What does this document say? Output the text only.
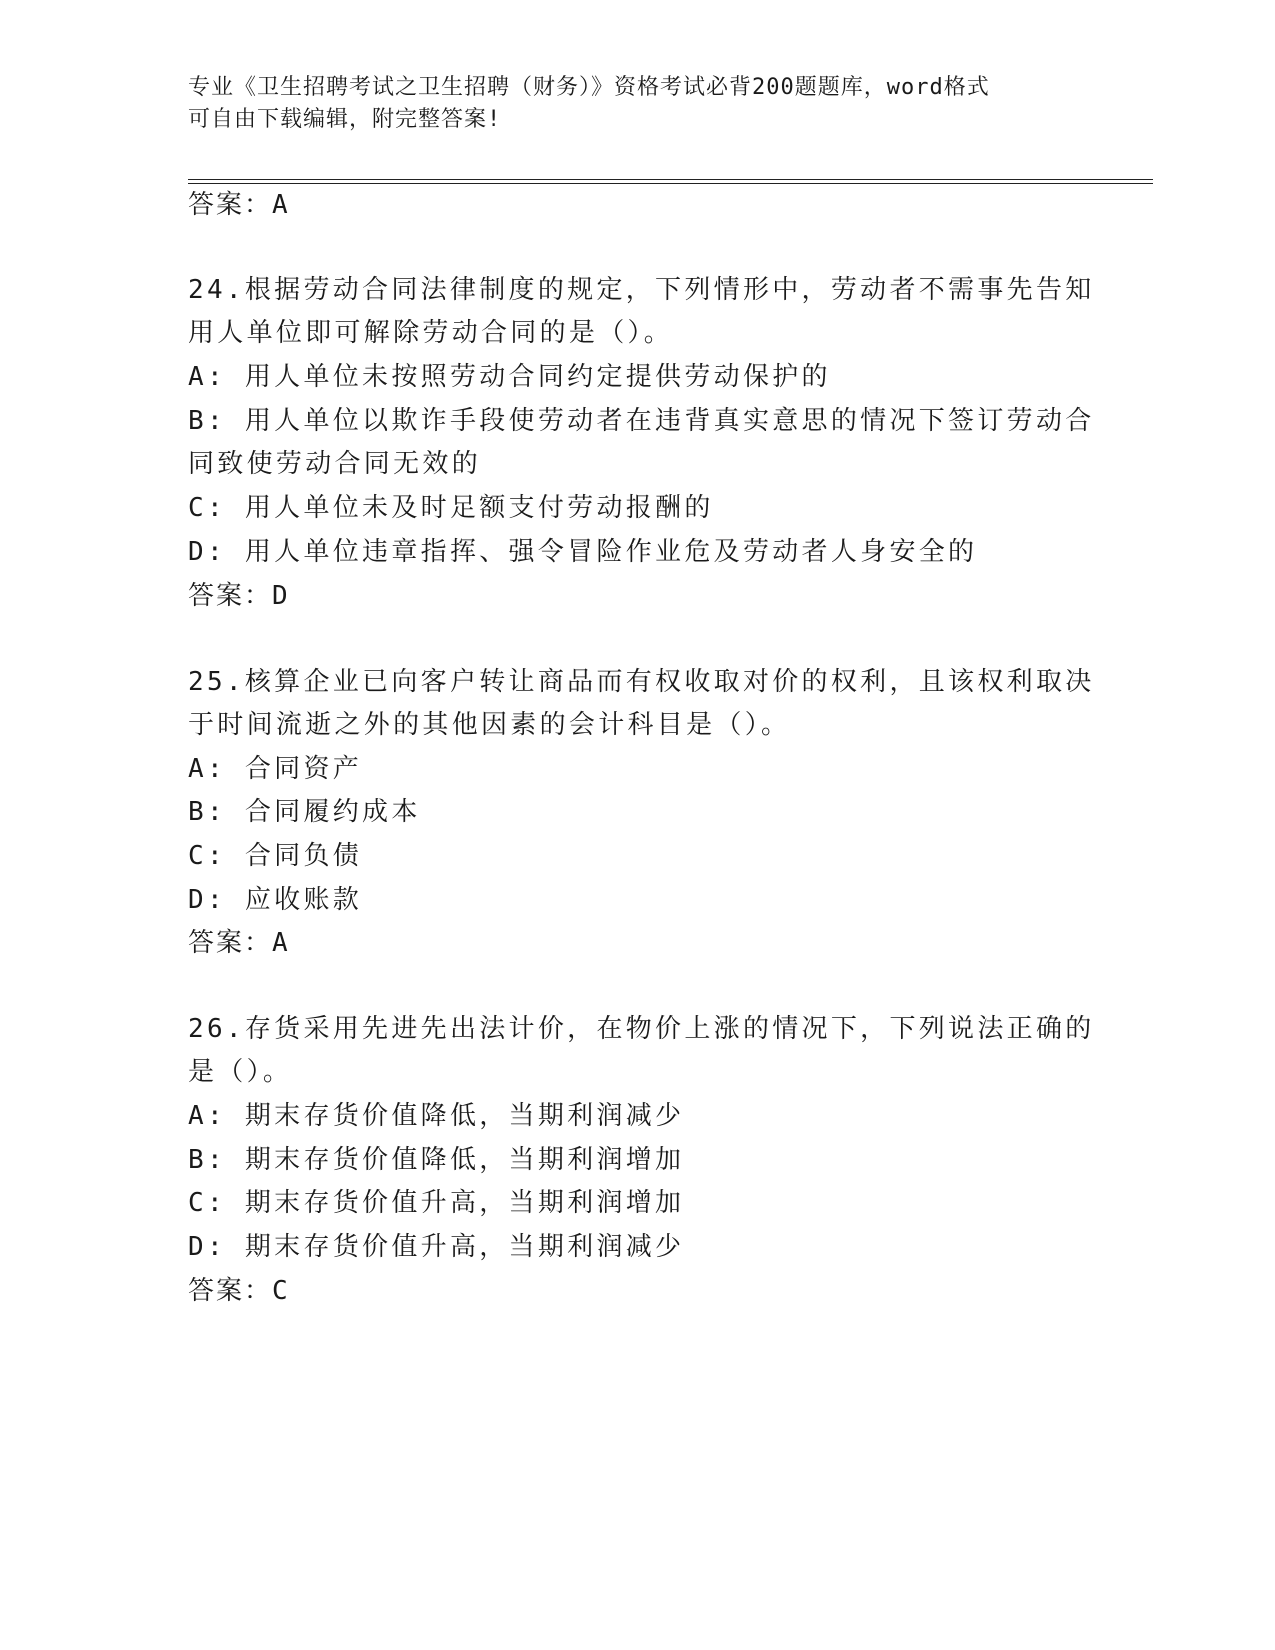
专业《卫生招聘考试之卫生招聘（财务）》资格考试必背200题题库，word格式
可自由下载编辑，附完整答案!
答案：A
24.根据劳动合同法律制度的规定，下列情形中，劳动者不需事先告知
用人单位即可解除劳动合同的是（）。
A: 用人单位未按照劳动合同约定提供劳动保护的
B: 用人单位以欺诈手段使劳动者在违背真实意思的情况下签订劳动合
同致使劳动合同无效的
C: 用人单位未及时足额支付劳动报酬的
D: 用人单位违章指挥、强令冒险作业危及劳动者人身安全的
答案：D
25.核算企业已向客户转让商品而有权收取对价的权利，且该权利取决
于时间流逝之外的其他因素的会计科目是（）。
A: 合同资产
B: 合同履约成本
C: 合同负债
D: 应收账款
答案：A
26.存货采用先进先出法计价，在物价上涨的情况下，下列说法正确的
是（）。
A: 期末存货价值降低，当期利润减少
B: 期末存货价值降低，当期利润增加
C: 期末存货价值升高，当期利润增加
D: 期末存货价值升高，当期利润减少
答案：C
